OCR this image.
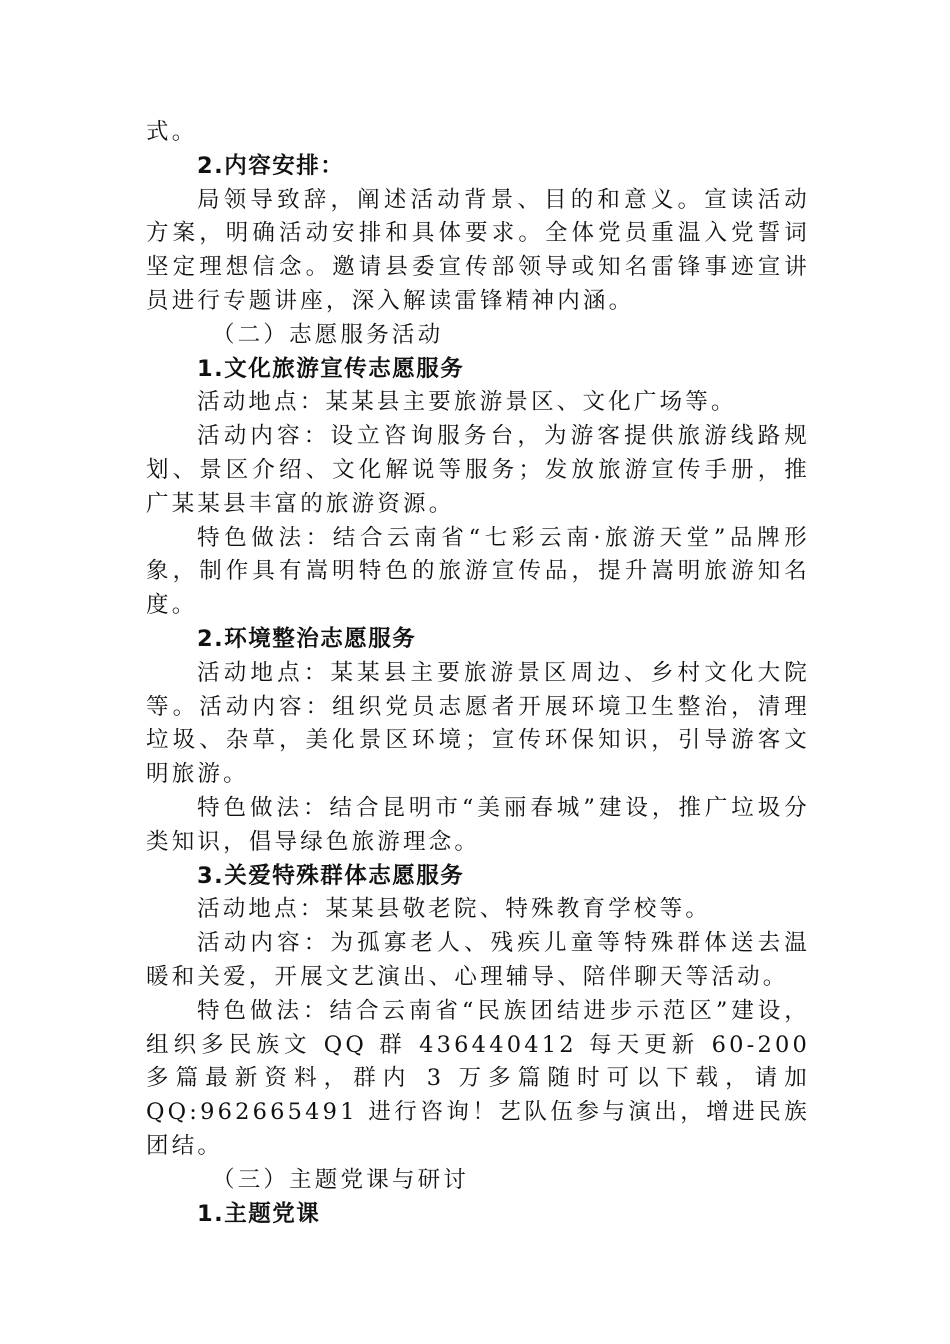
式。

2.内容安排：

局领导致辞，阐述活动背景、目的和意义。宣读活动方案，明确活动安排和具体要求。全体党员重温入党誓词坚定理想信念。邀请县委宣传部领导或知名雷锋事迹宣讲员进行专题讲座，深入解读雷锋精神内涵。

（二）志愿服务活动

1.文化旅游宣传志愿服务

活动地点：某某县主要旅游景区、文化广场等。

活动内容：设立咨询服务台，为游客提供旅游线路规划、景区介绍、文化解说等服务；发放旅游宣传手册，推广某某县丰富的旅游资源。

特色做法：结合云南省“七彩云南·旅游天堂”品牌形象，制作具有嵩明特色的旅游宣传品，提升嵩明旅游知名度。

2.环境整治志愿服务

活动地点：某某县主要旅游景区周边、乡村文化大院等。活动内容：组织党员志愿者开展环境卫生整治，清理垃圾、杂草，美化景区环境；宣传环保知识，引导游客文明旅游。

特色做法：结合昆明市“美丽春城”建设，推广垃圾分类知识，倡导绿色旅游理念。

3.关爱特殊群体志愿服务

活动地点：某某县敬老院、特殊教育学校等。

活动内容：为孤寡老人、残疾儿童等特殊群体送去温暖和关爱，开展文艺演出、心理辅导、陪伴聊天等活动。

特色做法：结合云南省“民族团结进步示范区”建设，组织多民族文 QQ 群 436440412 每天更新 60-200 多篇最新资料，群内 3 万多篇随时可以下载，请加 QQ:962665491 进行咨询！艺队伍参与演出，增进民族团结。

（三）主题党课与研讨

1.主题党课
